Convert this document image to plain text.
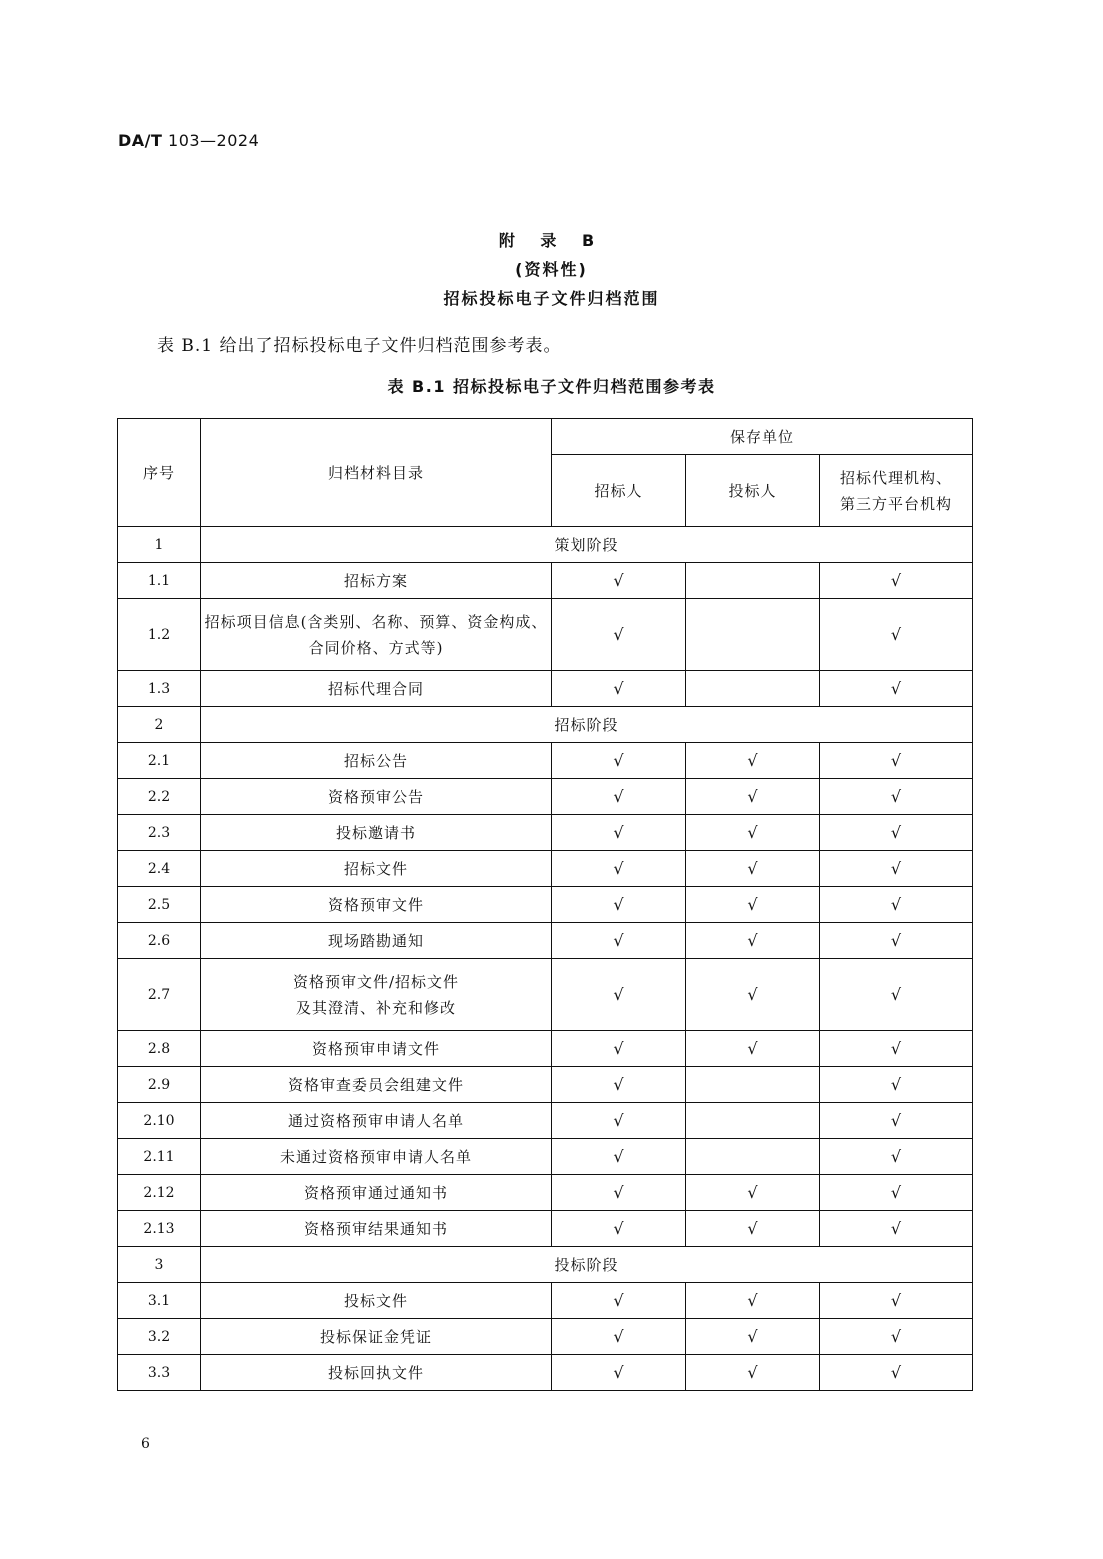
DA/T 103—2024
附 录 B
(资料性)
招标投标电子文件归档范围
表 B.1 给出了招标投标电子文件归档范围参考表。
表 B.1 招标投标电子文件归档范围参考表
序号	归档材料目录	保存单位		
		招标人	投标人	招标代理机构、
第三方平台机构

1	策划阶段			
1.1	招标方案	√		√
1.2	招标项目信息(含类别、名称、预算、资金构成、
合同价格、方式等)	√		√
1.3	招标代理合同	√		√
2	招标阶段			
2.1	招标公告	√	√	√
2.2	资格预审公告	√	√	√
2.3	投标邀请书	√	√	√
2.4	招标文件	√	√	√
2.5	资格预审文件	√	√	√
2.6	现场踏勘通知	√	√	√
2.7	资格预审文件/招标文件
及其澄清、补充和修改	√	√	√
2.8	资格预审申请文件	√	√	√
2.9	资格审查委员会组建文件	√		√
2.10	通过资格预审申请人名单	√		√
2.11	未通过资格预审申请人名单	√		√
2.12	资格预审通过通知书	√	√	√
2.13	资格预审结果通知书	√	√	√
3	投标阶段			
3.1	投标文件	√	√	√
3.2	投标保证金凭证	√	√	√
3.3	投标回执文件	√	√	√
6
